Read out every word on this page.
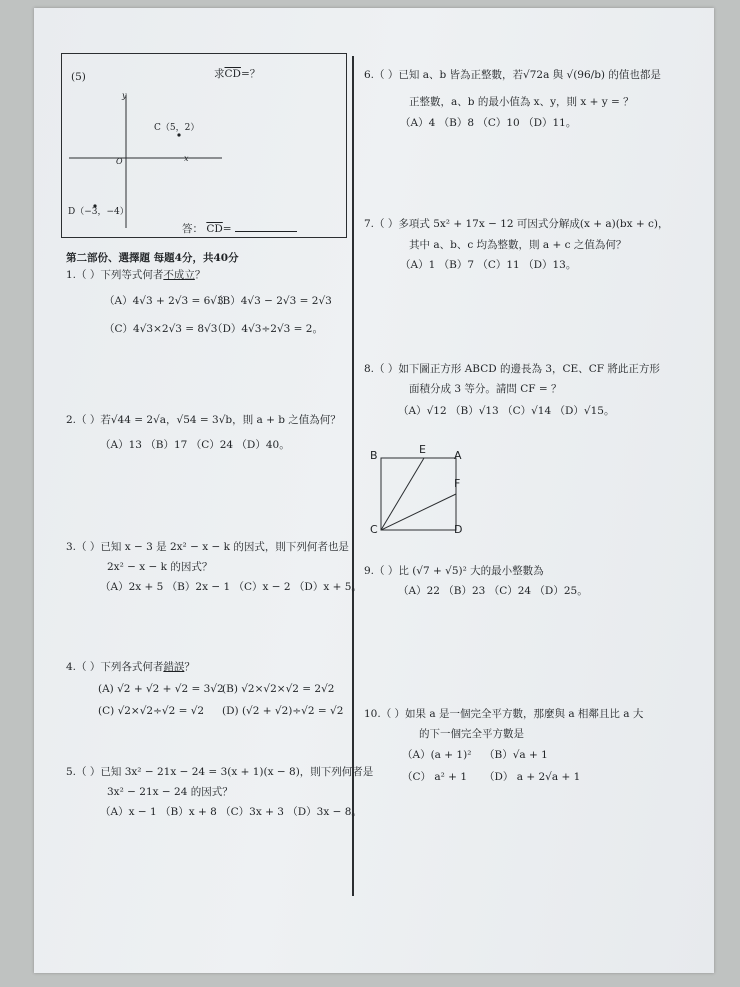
(5)	求$\overline{CD}=$？
y
x
O
C（5，2）
D（−3，−4）
答： $\overline{CD}=$
第二部份、選擇題 每題4分，共40分
1.（ ）下列等式何者不成立？
（A）4√3 + 2√3 = 6√3
（B）4√3 − 2√3 = 2√3
（C）4√3×2√3 = 8√3
（D）4√3÷2√3 = 2。
2.（ ）若√44 = 2√a，√54 = 3√b，則 a + b 之值為何？
（A）13 （B）17 （C）24 （D）40。
3.（ ）已知 x − 3 是 2x² − x − k 的因式，則下列何者也是
2x² − x − k 的因式？
（A）2x + 5 （B）2x − 1 （C）x − 2 （D）x + 5。
4.（ ）下列各式何者錯誤？
(A) √2 + √2 + √2 = 3√2
(B) √2×√2×√2 = 2√2
(C) √2×√2÷√2 = √2 (D) (√2 + √2)÷√2 = √2
5.（ ）已知 3x² − 21x − 24 = 3(x + 1)(x − 8)，則下列何者是
3x² − 21x − 24 的因式？
（A）x − 1 （B）x + 8 （C）3x + 3 （D）3x − 8。
6.（ ）已知 a、b 皆為正整數，若√72a 與 √(96/b) 的值也都是
正整數，a、b 的最小值為 x、y，則 x + y = ？
（A）4 （B）8 （C）10 （D）11。
7.（ ）多項式 5x² + 17x − 12 可因式分解成(x + a)(bx + c)，
其中 a、b、c 均為整數，則 a + c 之值為何？
（A）1 （B）7 （C）11 （D）13。
8.（ ）如下圖正方形 ABCD 的邊長為 3，CE、CF 將此正方形
面積分成 3 等分。請問 CF = ？
（A）√12 （B）√13 （C）√14 （D）√15。
B	E	A
F
C	D
9.（ ）比 (√7 + √5)² 大的最小整數為
（A）22 （B）23 （C）24 （D）25。
10.（ ）如果 a 是一個完全平方數，那麼與 a 相鄰且比 a 大
的下一個完全平方數是
（A）(a + 1)² （B）√a + 1
（C） a² + 1 （D） a + 2√a + 1
